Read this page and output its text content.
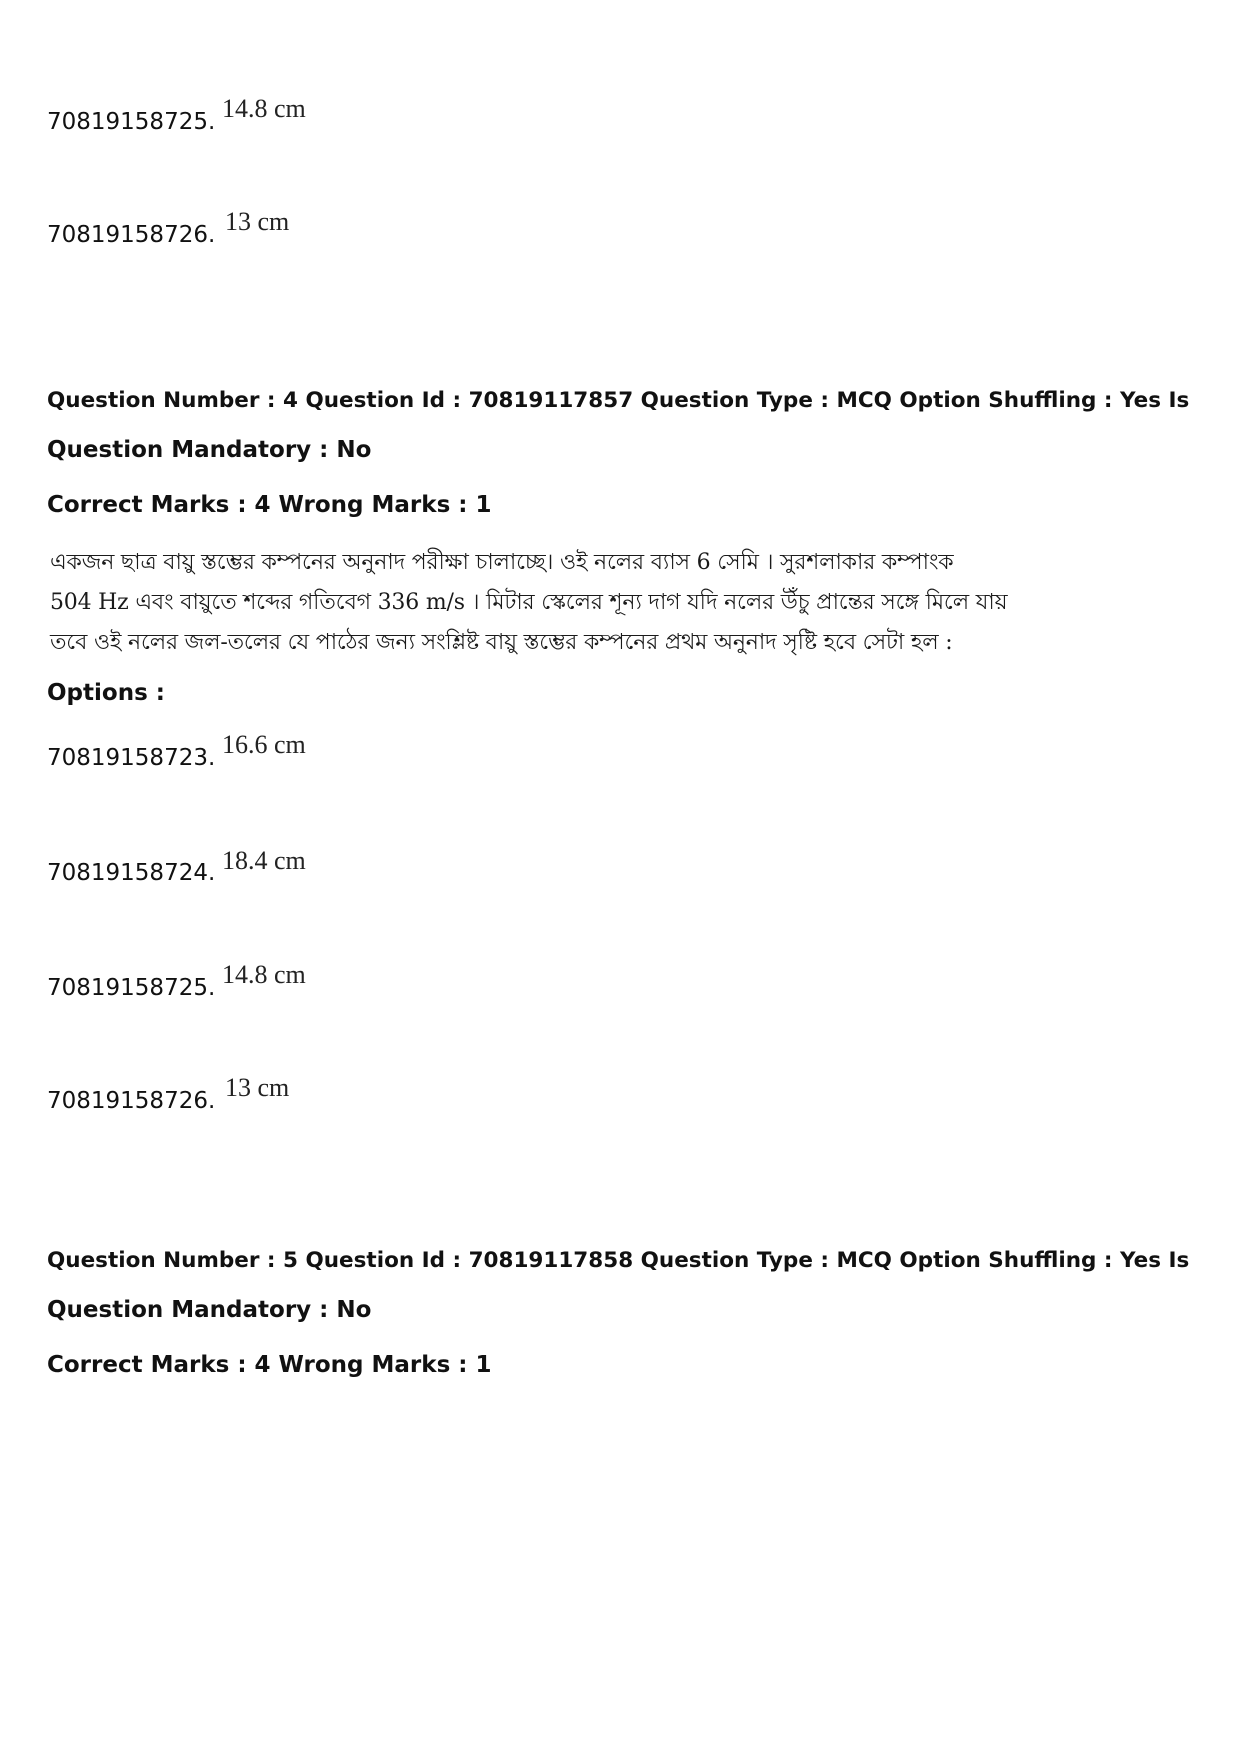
70819158725. 14.8 cm
70819158726. 13 cm
Question Number : 4 Question Id : 70819117857 Question Type : MCQ Option Shuffling : Yes Is
Question Mandatory : No
Correct Marks : 4 Wrong Marks : 1
একজন ছাত্র বায়ু স্তম্ভের কম্পনের অনুনাদ পরীক্ষা চালাচ্ছে। ওই নলের ব্যাস 6 সেমি । সুরশলাকার কম্পাংক
504 Hz এবং বায়ুতে শব্দের গতিবেগ 336 m/s । মিটার স্কেলের শূন্য দাগ যদি নলের উঁচু প্রান্তের সঙ্গে মিলে যায়
তবে ওই নলের জল-তলের যে পাঠের জন্য সংশ্লিষ্ট বায়ু স্তম্ভের কম্পনের প্রথম অনুনাদ সৃষ্টি হবে সেটা হল :
Options :
70819158723. 16.6 cm
70819158724. 18.4 cm
70819158725. 14.8 cm
70819158726. 13 cm
Question Number : 5 Question Id : 70819117858 Question Type : MCQ Option Shuffling : Yes Is
Question Mandatory : No
Correct Marks : 4 Wrong Marks : 1
